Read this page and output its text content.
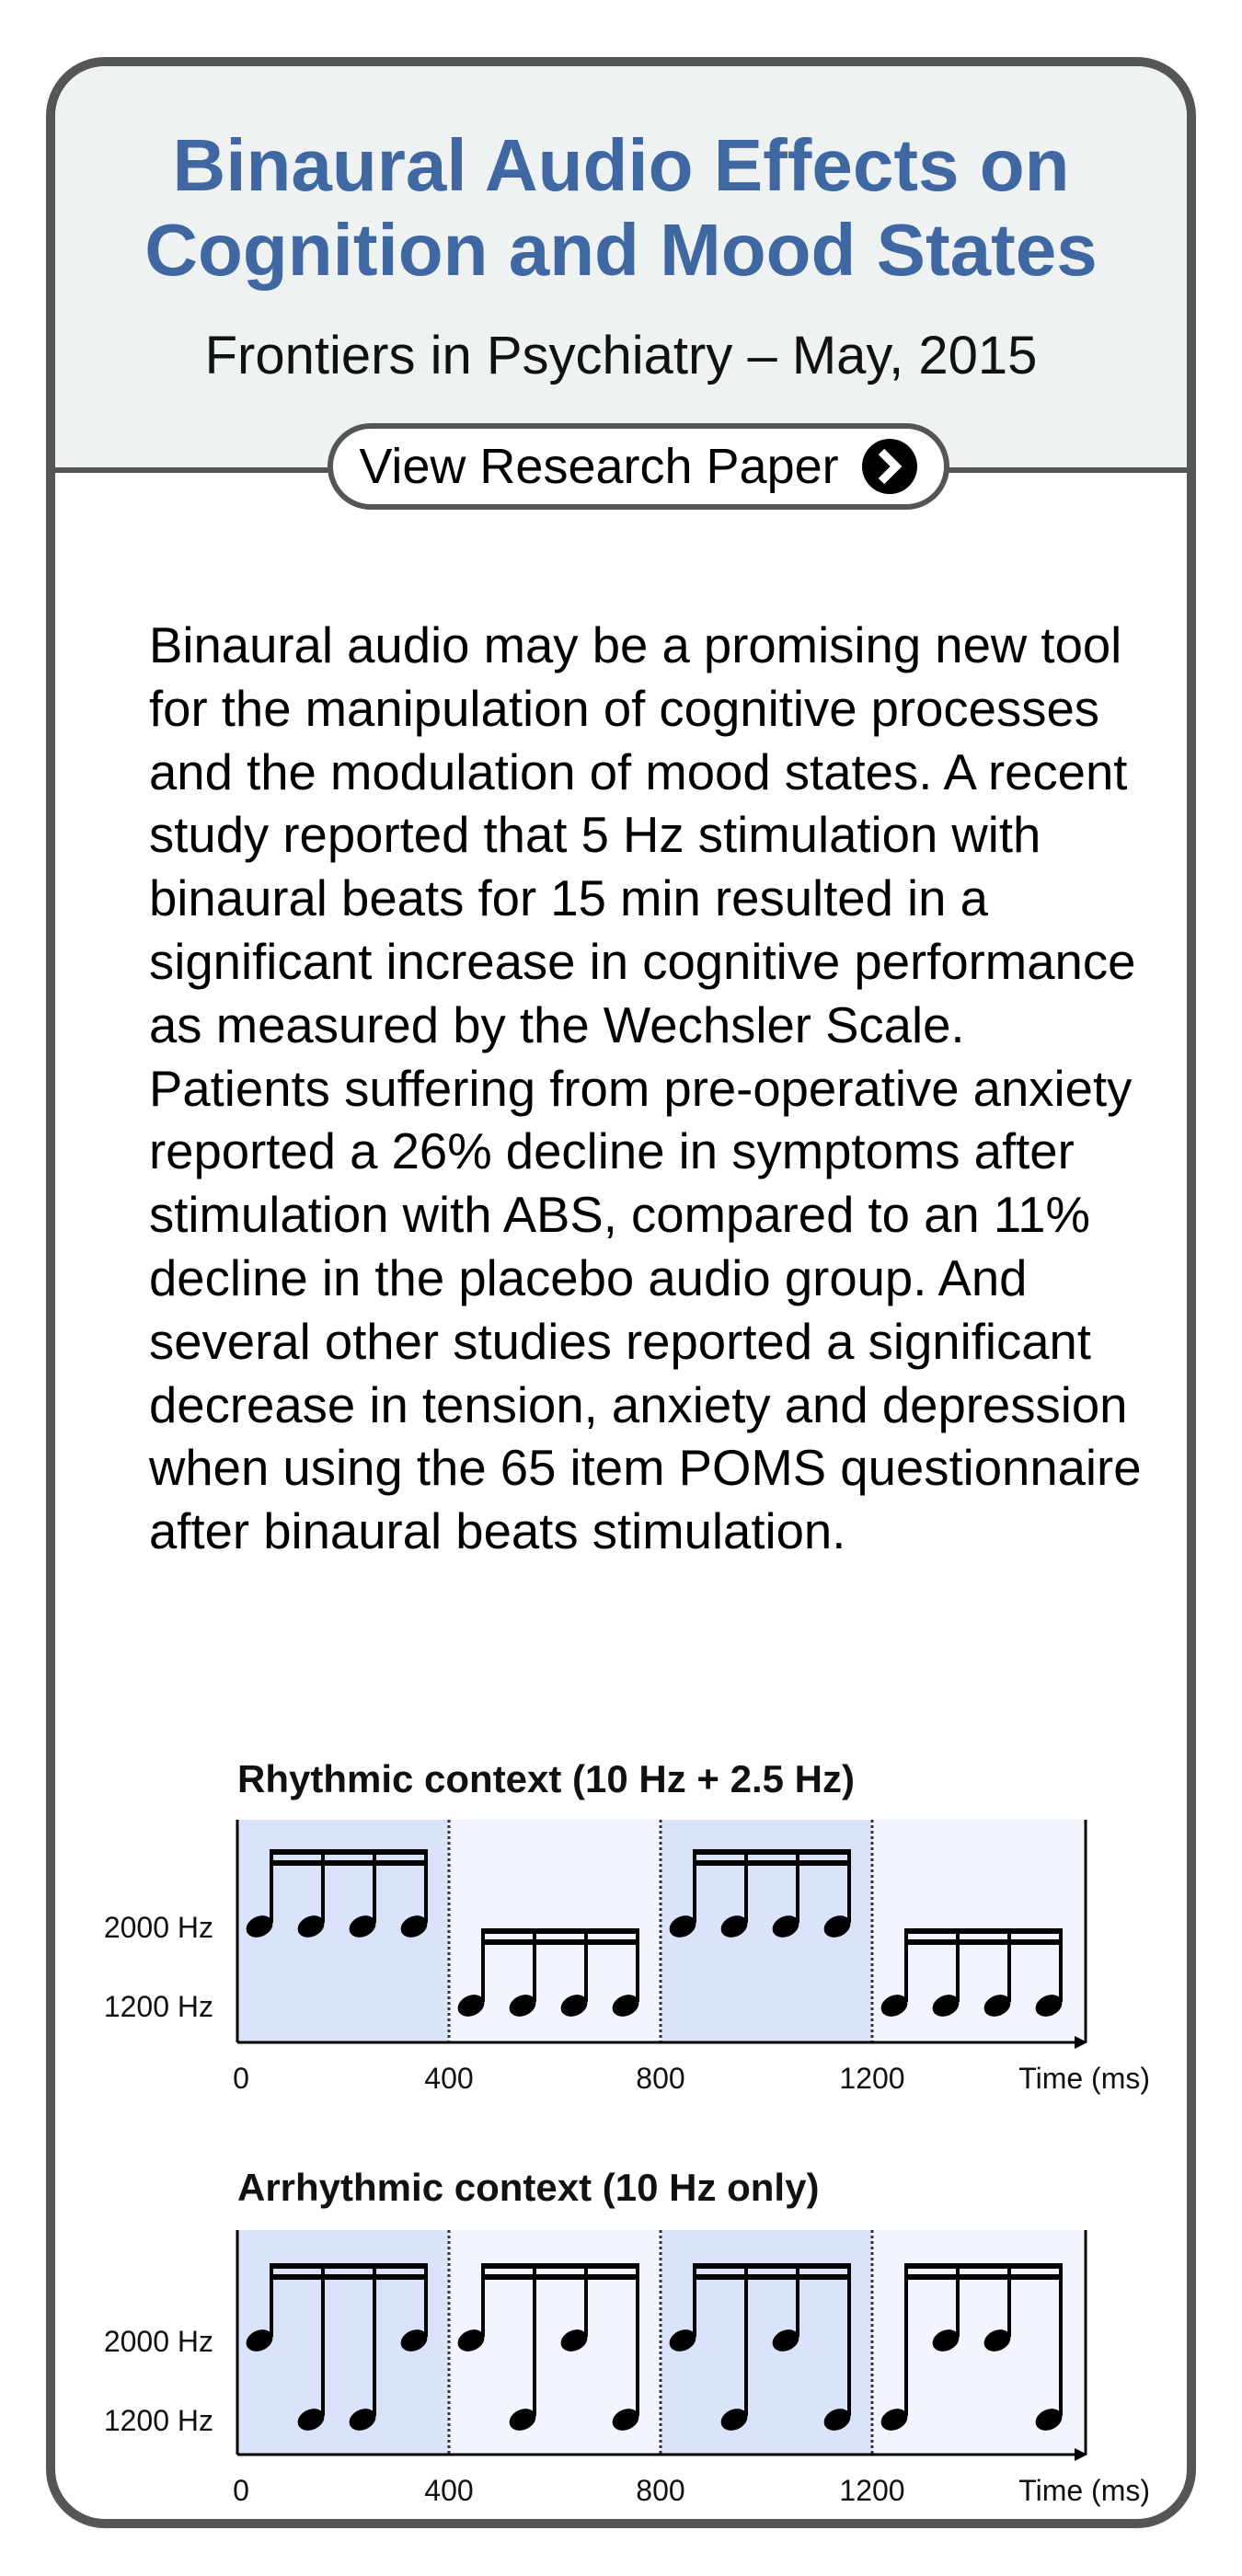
Binaural Audio Effects on
Cognition and Mood States
Frontiers in Psychiatry – May, 2015
View Research Paper
Binaural audio may be a promising new tool for the manipulation of cognitive processes and the modulation of mood states. A recent study reported that 5 Hz stimulation with binaural beats for 15 min resulted in a significant increase in cognitive performance as measured by the Wechsler Scale. Patients suffering from pre-operative anxiety reported a 26% decline in symptoms after stimulation with ABS, compared to an 11% decline in the placebo audio group. And several other studies reported a significant decrease in tension, anxiety and depression when using the 65 item POMS questionnaire after binaural beats stimulation.
Rhythmic context (10 Hz + 2.5 Hz)
2000 Hz
1200 Hz
0	400	800	1200	Time (ms)
Arrhythmic context (10 Hz only)
2000 Hz
1200 Hz
0	400	800	1200	Time (ms)
